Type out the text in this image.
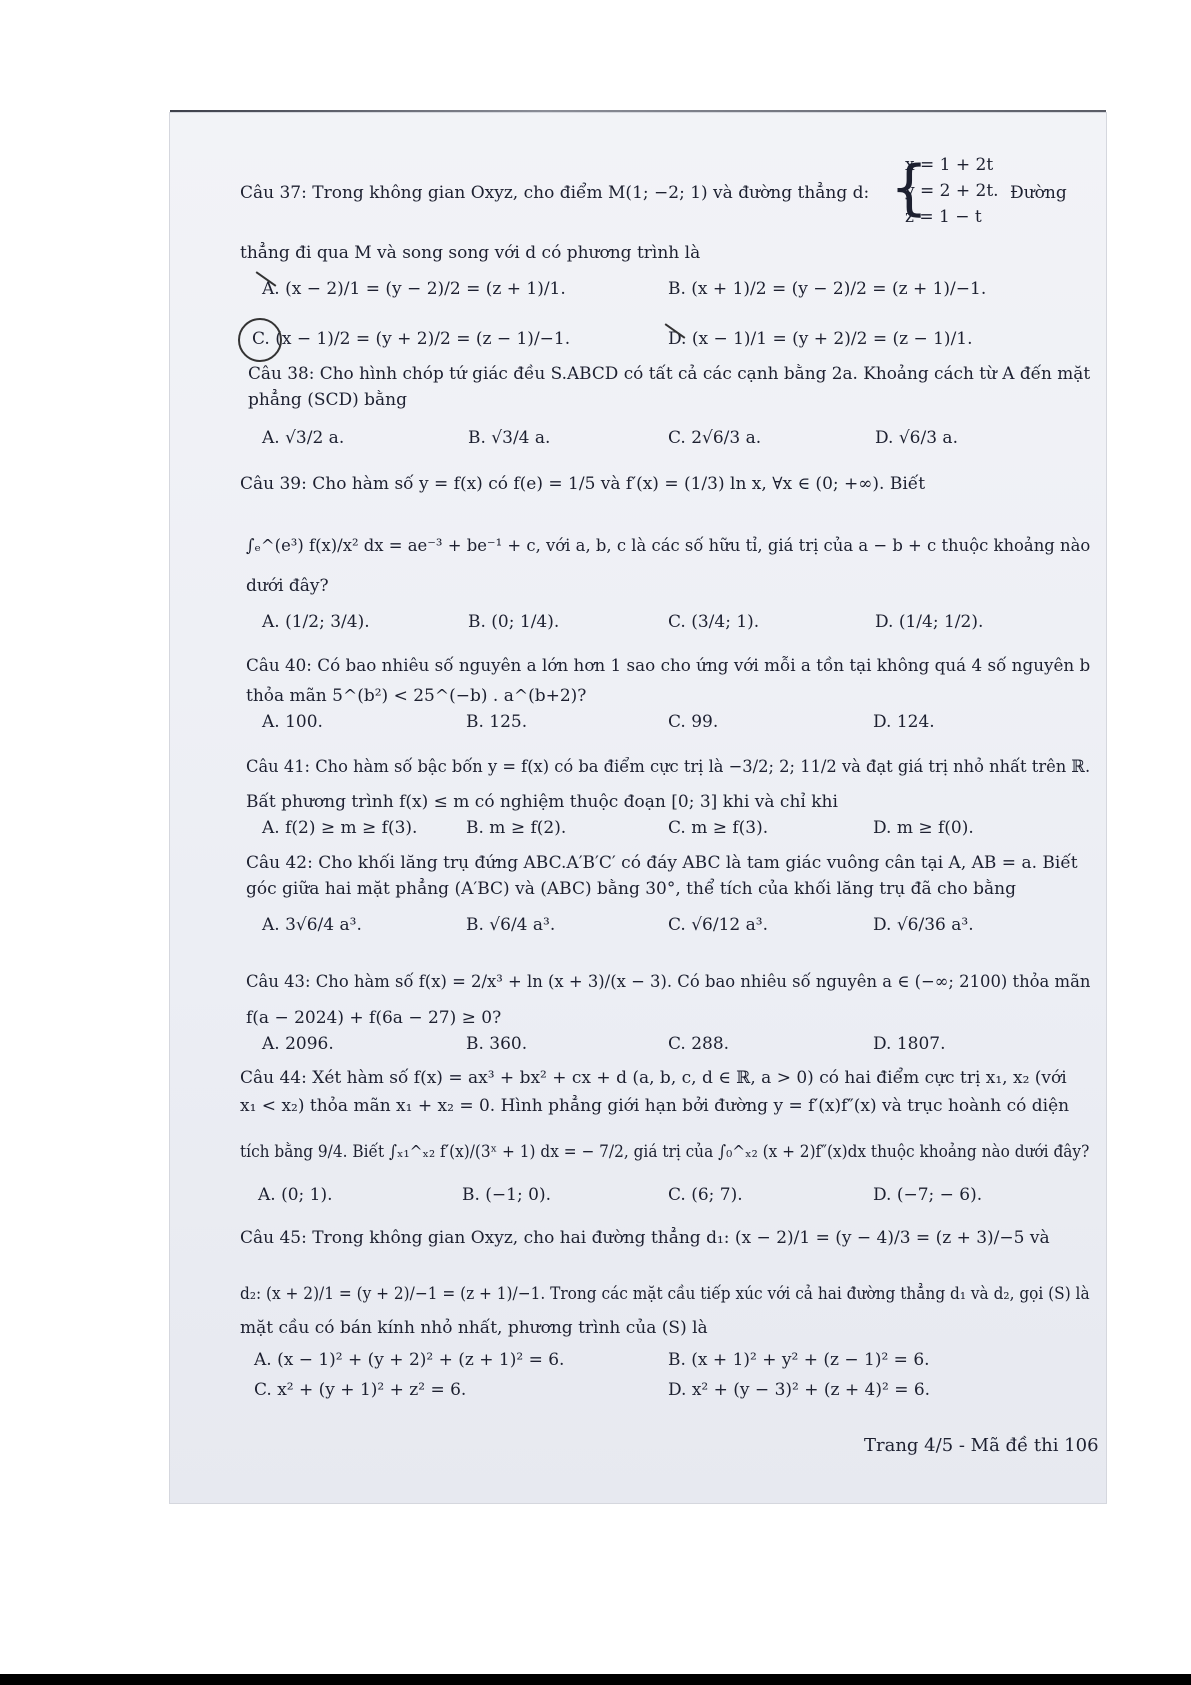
Câu 37: Trong không gian Oxyz, cho điểm M(1; −2; 1) và đường thẳng d: {
x = 1 + 2t
y = 2 + 2t.
z = 1 − t
Đường
thẳng đi qua M và song song với d có phương trình là
A. (x − 2)/1 = (y − 2)/2 = (z + 1)/1.	B. (x + 1)/2 = (y − 2)/2 = (z + 1)/−1.
C. (x − 1)/2 = (y + 2)/2 = (z − 1)/−1.	D. (x − 1)/1 = (y + 2)/2 = (z − 1)/1.
Câu 38: Cho hình chóp tứ giác đều S.ABCD có tất cả các cạnh bằng 2a. Khoảng cách từ A đến mặt
phẳng (SCD) bằng
A. √3/2 a.	B. √3/4 a.	C. 2√6/3 a.	D. √6/3 a.
Câu 39: Cho hàm số y = f(x) có f(e) = 1/5 và f′(x) = (1/3) ln x, ∀x ∈ (0; +∞). Biết
∫ₑ^(e³) f(x)/x² dx = ae⁻³ + be⁻¹ + c, với a, b, c là các số hữu tỉ, giá trị của a − b + c thuộc khoảng nào
dưới đây?
A. (1/2; 3/4).	B. (0; 1/4).	C. (3/4; 1).	D. (1/4; 1/2).
Câu 40: Có bao nhiêu số nguyên a lớn hơn 1 sao cho ứng với mỗi a tồn tại không quá 4 số nguyên b
thỏa mãn 5^(b²) < 25^(−b) . a^(b+2)?
A. 100.	B. 125.	C. 99.	D. 124.
Câu 41: Cho hàm số bậc bốn y = f(x) có ba điểm cực trị là −3/2; 2; 11/2 và đạt giá trị nhỏ nhất trên ℝ.
Bất phương trình f(x) ≤ m có nghiệm thuộc đoạn [0; 3] khi và chỉ khi
A. f(2) ≥ m ≥ f(3).	B. m ≥ f(2).	C. m ≥ f(3).	D. m ≥ f(0).
Câu 42: Cho khối lăng trụ đứng ABC.A′B′C′ có đáy ABC là tam giác vuông cân tại A, AB = a. Biết
góc giữa hai mặt phẳng (A′BC) và (ABC) bằng 30°, thể tích của khối lăng trụ đã cho bằng
A. 3√6/4 a³.	B. √6/4 a³.	C. √6/12 a³.	D. √6/36 a³.
Câu 43: Cho hàm số f(x) = 2/x³ + ln (x + 3)/(x − 3). Có bao nhiêu số nguyên a ∈ (−∞; 2100) thỏa mãn
f(a − 2024) + f(6a − 27) ≥ 0?
A. 2096.	B. 360.	C. 288.	D. 1807.
Câu 44: Xét hàm số f(x) = ax³ + bx² + cx + d (a, b, c, d ∈ ℝ, a > 0) có hai điểm cực trị x₁, x₂ (với
x₁ < x₂) thỏa mãn x₁ + x₂ = 0. Hình phẳng giới hạn bởi đường y = f′(x)f″(x) và trục hoành có diện
tích bằng 9/4. Biết ∫ₓ₁^ₓ₂ f′(x)/(3ˣ + 1) dx = − 7/2, giá trị của ∫₀^ₓ₂ (x + 2)f″(x)dx thuộc khoảng nào dưới đây?
A. (0; 1).	B. (−1; 0).	C. (6; 7).	D. (−7; − 6).
Câu 45: Trong không gian Oxyz, cho hai đường thẳng d₁: (x − 2)/1 = (y − 4)/3 = (z + 3)/−5 và
d₂: (x + 2)/1 = (y + 2)/−1 = (z + 1)/−1. Trong các mặt cầu tiếp xúc với cả hai đường thẳng d₁ và d₂, gọi (S) là
mặt cầu có bán kính nhỏ nhất, phương trình của (S) là
A. (x − 1)² + (y + 2)² + (z + 1)² = 6.	B. (x + 1)² + y² + (z − 1)² = 6.
C. x² + (y + 1)² + z² = 6.	D. x² + (y − 3)² + (z + 4)² = 6.
Trang 4/5 - Mã đề thi 106
